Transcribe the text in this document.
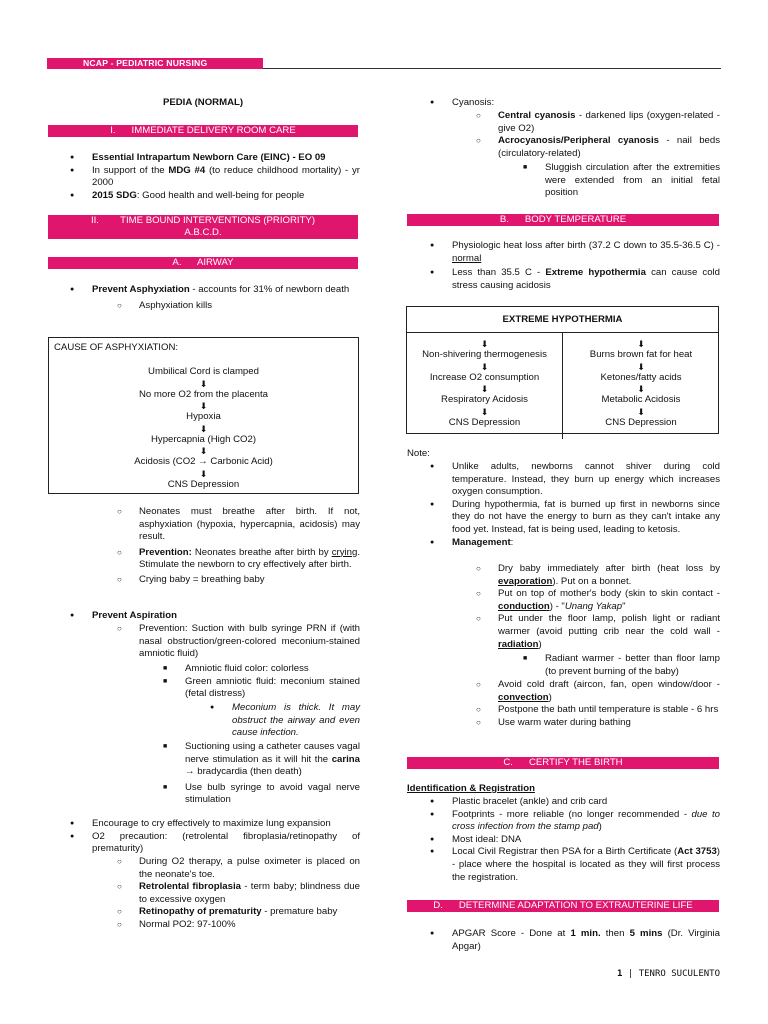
NCAP - PEDIATRIC NURSING
PEDIA (NORMAL)
I.      IMMEDIATE DELIVERY ROOM CARE
● Essential Intrapartum Newborn Care (EINC) - EO 09
● In support of the MDG #4 (to reduce childhood mortality) - yr 2000
● 2015 SDG: Good health and well-being for people
II.        TIME BOUND INTERVENTIONS (PRIORITY)
A.B.C.D.
A.      AIRWAY
● Prevent Asphyxiation - accounts for 31% of newborn death
○ Asphyxiation kills
CAUSE OF ASPHYXIATION:
Umbilical Cord is clamped
⬇
No more O2 from the placenta
⬇
Hypoxia
⬇
Hypercapnia (High CO2)
⬇
Acidosis (CO2 → Carbonic Acid)
⬇
CNS Depression
○ Neonates must breathe after birth. If not, asphyxiation (hypoxia, hypercapnia, acidosis) may result.
○ Prevention: Neonates breathe after birth by crying. Stimulate the newborn to cry effectively after birth.
○ Crying baby = breathing baby
● Prevent Aspiration
○ Prevention: Suction with bulb syringe PRN if (with nasal obstruction/green-colored meconium-stained amniotic fluid)
■ Amniotic fluid color: colorless
■ Green amniotic fluid: meconium stained (fetal distress)
● Meconium is thick. It may obstruct the airway and even cause infection.
■ Suctioning using a catheter causes vagal nerve stimulation as it will hit the carina → bradycardia (then death)
■ Use bulb syringe to avoid vagal nerve stimulation
● Encourage to cry effectively to maximize lung expansion
● O2 precaution: (retrolental fibroplasia/retinopathy of prematurity)
○ During O2 therapy, a pulse oximeter is placed on the neonate's toe.
○ Retrolental fibroplasia - term baby; blindness due to excessive oxygen
○ Retinopathy of prematurity - premature baby
○ Normal PO2: 97-100%
● Cyanosis:
○ Central cyanosis - darkened lips (oxygen-related - give O2)
○ Acrocyanosis/Peripheral cyanosis - nail beds (circulatory-related)
■ Sluggish circulation after the extremities were extended from an initial fetal position
B.      BODY TEMPERATURE
● Physiologic heat loss after birth (37.2 C down to 35.5-36.5 C) - normal
● Less than 35.5 C - Extreme hypothermia can cause cold stress causing acidosis
EXTREME HYPOTHERMIA
⬇
Non-shivering thermogenesis
⬇
Increase O2 consumption
⬇
Respiratory Acidosis
⬇
CNS Depression
⬇
Burns brown fat for heat
⬇
Ketones/fatty acids
⬇
Metabolic Acidosis
⬇
CNS Depression
Note:
● Unlike adults, newborns cannot shiver during cold temperature. Instead, they burn up energy which increases oxygen consumption.
● During hypothermia, fat is burned up first in newborns since they do not have the energy to burn as they can't intake any food yet. Instead, fat is being used, leading to ketosis.
● Management:
○ Dry baby immediately after birth (heat loss by evaporation). Put on a bonnet.
○ Put on top of mother's body (skin to skin contact - conduction) - "Unang Yakap"
○ Put under the floor lamp, polish light or radiant warmer (avoid putting crib near the cold wall - radiation)
■ Radiant warmer - better than floor lamp (to prevent burning of the baby)
○ Avoid cold draft (aircon, fan, open window/door - convection)
○ Postpone the bath until temperature is stable - 6 hrs
○ Use warm water during bathing
C.      CERTIFY THE BIRTH
Identification & Registration
● Plastic bracelet (ankle) and crib card
● Footprints - more reliable (no longer recommended - due to cross infection from the stamp pad)
● Most ideal: DNA
● Local Civil Registrar then PSA for a Birth Certificate (Act 3753) - place where the hospital is located as they will first process the registration.
D.      DETERMINE ADAPTATION TO EXTRAUTERINE LIFE
● APGAR Score - Done at 1 min. then 5 mins (Dr. Virginia Apgar)
1 | TENRO SUCULENTO
